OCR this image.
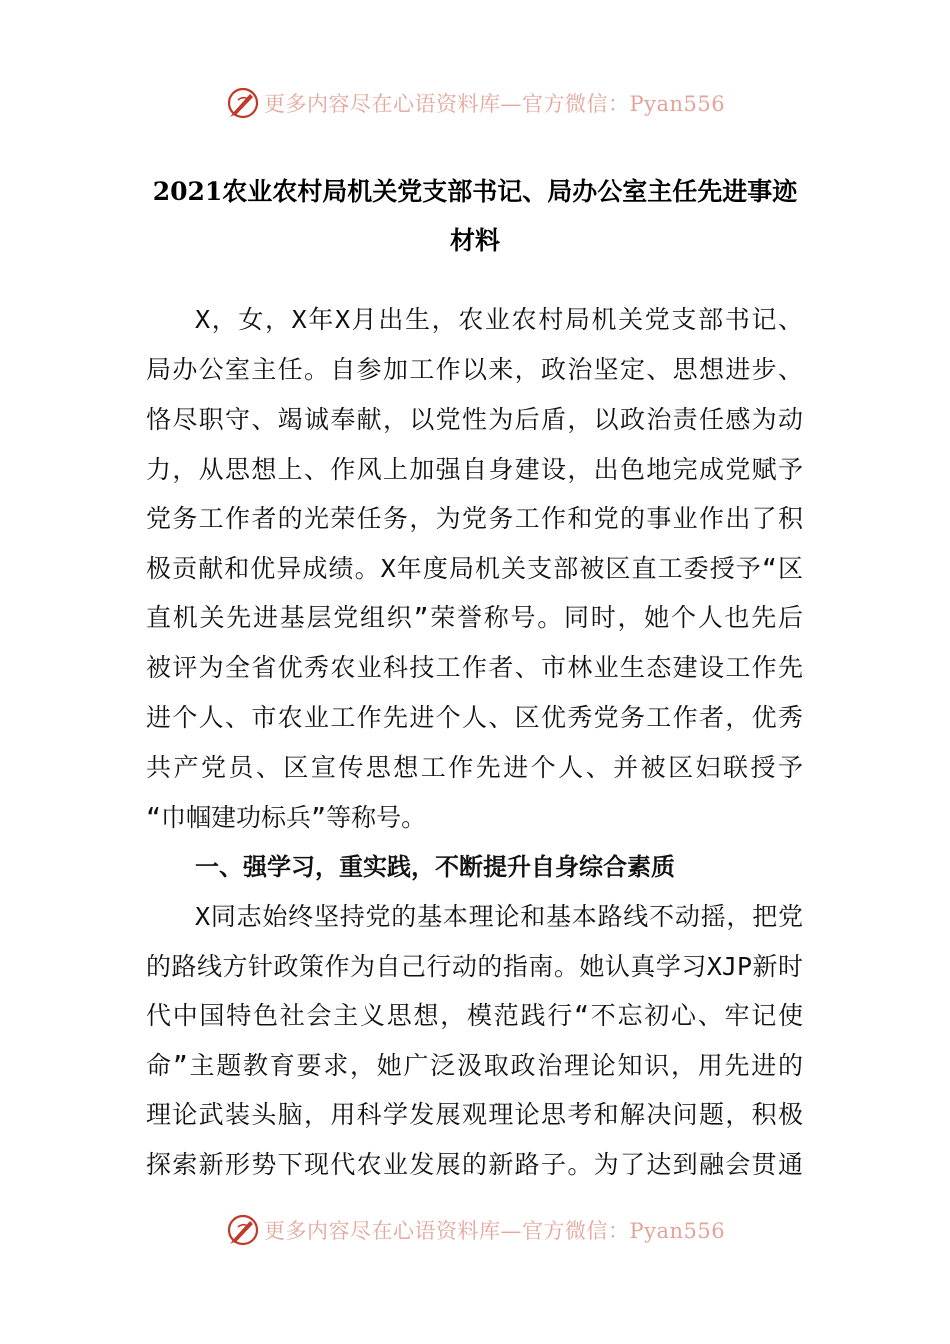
更多内容尽在心语资料库—官方微信：Pyan556
2021农业农村局机关党支部书记、局办公室主任先进事迹
材料
X，女，X年X月出生，农业农村局机关党支部书记、
局办公室主任。自参加工作以来，政治坚定、思想进步、
恪尽职守、竭诚奉献，以党性为后盾，以政治责任感为动
力，从思想上、作风上加强自身建设，出色地完成党赋予
党务工作者的光荣任务，为党务工作和党的事业作出了积
极贡献和优异成绩。X年度局机关支部被区直工委授予“区
直机关先进基层党组织”荣誉称号。同时，她个人也先后
被评为全省优秀农业科技工作者、市林业生态建设工作先
进个人、市农业工作先进个人、区优秀党务工作者，优秀
共产党员、区宣传思想工作先进个人、并被区妇联授予
“巾帼建功标兵”等称号。
一、强学习，重实践，不断提升自身综合素质
X同志始终坚持党的基本理论和基本路线不动摇，把党
的路线方针政策作为自己行动的指南。她认真学习XJP新时
代中国特色社会主义思想，模范践行“不忘初心、牢记使
命”主题教育要求，她广泛汲取政治理论知识，用先进的
理论武装头脑，用科学发展观理论思考和解决问题，积极
探索新形势下现代农业发展的新路子。为了达到融会贯通
更多内容尽在心语资料库—官方微信：Pyan556
